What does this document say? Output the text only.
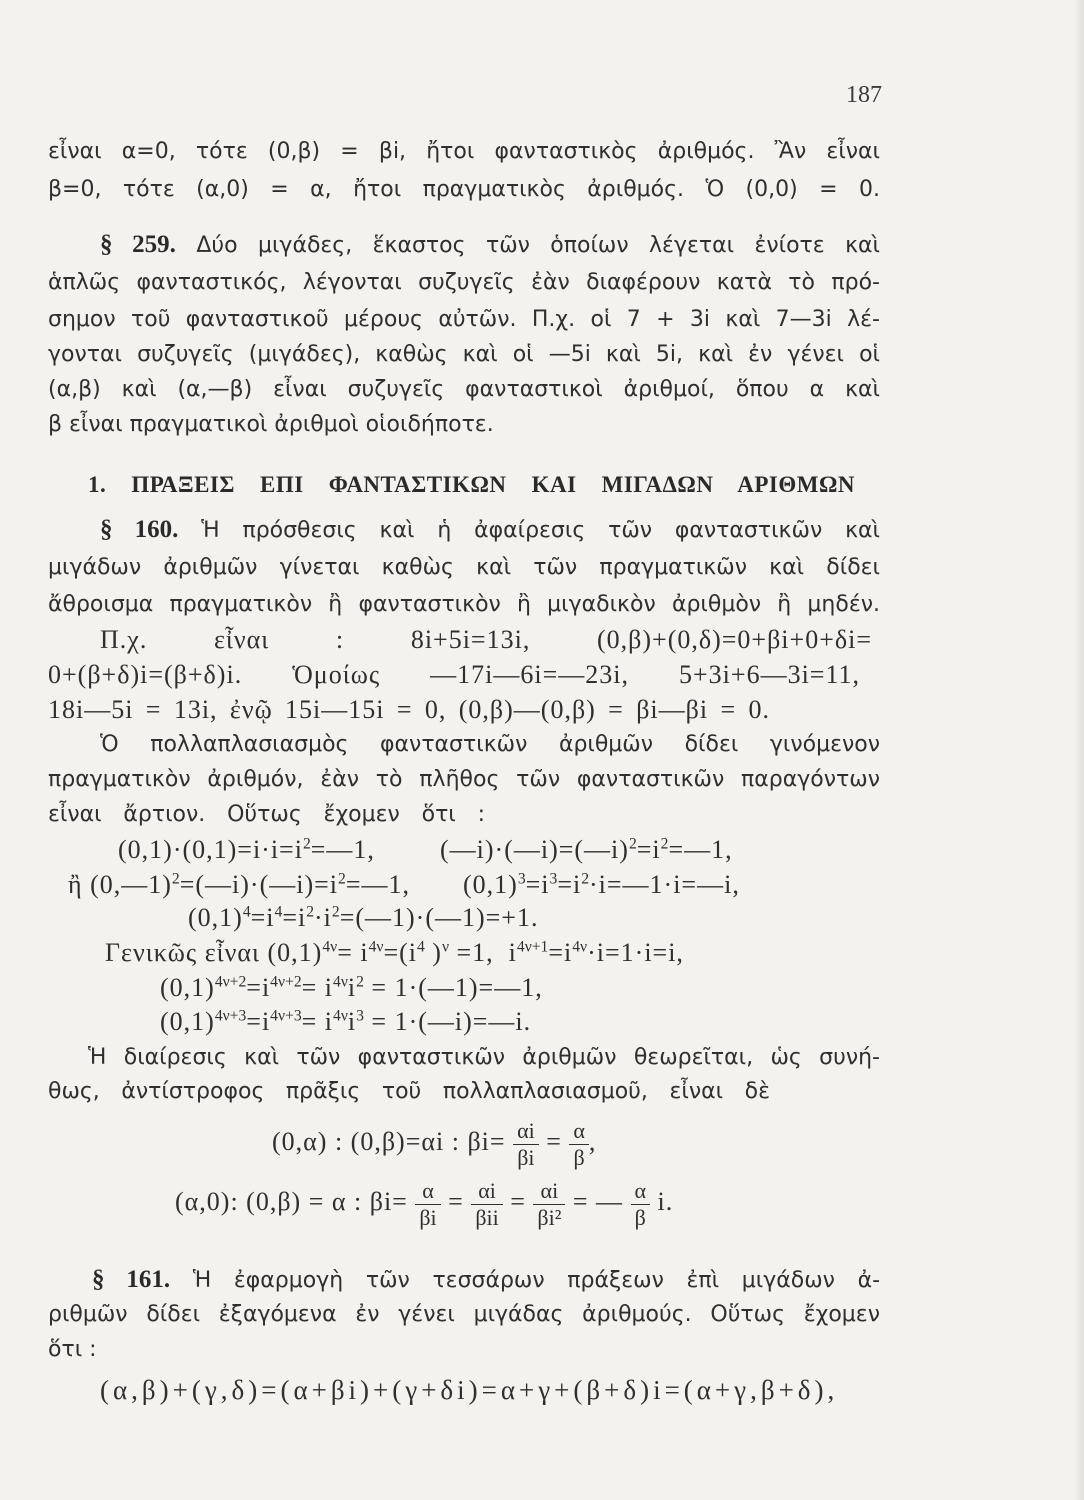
187
εἶναι α=0, τότε (0,β) = βi, ἤτοι φανταστικὸς ἀριθμός. Ἂν εἶναι
β=0, τότε (α,0) = α, ἤτοι πραγματικὸς ἀριθμός. Ὁ (0,0) = 0.
§ 259. Δύο μιγάδες, ἕκαστος τῶν ὁποίων λέγεται ἐνίοτε καὶ
ἁπλῶς φανταστικός, λέγονται συζυγεῖς ἐὰν διαφέρουν κατὰ τὸ πρό-
σημον τοῦ φανταστικοῦ μέρους αὐτῶν. Π.χ. οἱ 7 + 3i καὶ 7—3i λέ-
γονται συζυγεῖς (μιγάδες), καθὼς καὶ οἱ —5i καὶ 5i, καὶ ἐν γένει οἱ
(α,β) καὶ (α,—β) εἶναι συζυγεῖς φανταστικοὶ ἀριθμοί, ὅπου α καὶ
β εἶναι πραγματικοὶ ἀριθμοὶ οἱοιδήποτε.
1. ΠΡΑΞΕΙΣ ΕΠΙ ΦΑΝΤΑΣΤΙΚΩΝ ΚΑΙ ΜΙΓΑΔΩΝ ΑΡΙΘΜΩΝ
§ 160. Ἡ πρόσθεσις καὶ ἡ ἀφαίρεσις τῶν φανταστικῶν καὶ
μιγάδων ἀριθμῶν γίνεται καθὼς καὶ τῶν πραγματικῶν καὶ δίδει
ἄθροισμα πραγματικὸν ἢ φανταστικὸν ἢ μιγαδικὸν ἀριθμὸν ἢ μηδέν.
Π.χ. εἶναι : 8i+5i=13i, (0,β)+(0,δ)=0+βi+0+δi=
0+(β+δ)i=(β+δ)i. Ὁμοίως —17i—6i=—23i, 5+3i+6—3i=11,
18i—5i = 13i, ἐνῷ 15i—15i = 0, (0,β)—(0,β) = βi—βi = 0.
Ὁ πολλαπλασιασμὸς φανταστικῶν ἀριθμῶν δίδει γινόμενον
πραγματικὸν ἀριθμόν, ἐὰν τὸ πλῆθος τῶν φανταστικῶν παραγόντων
εἶναι ἄρτιον. Οὕτως ἔχομεν ὅτι :
$(0,1)\cdot(0,1)=i\cdot i=i^2=—1$,	$(—i)\cdot(—i)=(—i)^2=i^2=—1$,
ἢ $(0,—1)^2=(—i)\cdot(—i)=i^2=—1$, $(0,1)^3=i^3=i^2\cdot i=—1\cdot i=—i$,
$(0,1)^4=i^4=i^2\cdot i^2=(—1)\cdot(—1)=+1$.
Γενικῶς εἶναι $(0,1)^{4\nu}= i^{4\nu}=(i^4$ )$^\nu$ =1,  $i^{4\nu+1}=i^{4\nu}\cdot i=1\cdot i=i$,
$(0,1)^{4\nu+2}=i^{4\nu+2}= i^{4\nu}i^2$ = 1·(—1)=—1,
$(0,1)^{4\nu+3}=i^{4\nu+3}= i^{4\nu}i^3$ = 1·(—i)=—i.
Ἡ διαίρεσις καὶ τῶν φανταστικῶν ἀριθμῶν θεωρεῖται, ὡς συνή-
θως, ἀντίστροφος πρᾶξις τοῦ πολλαπλασιασμοῦ, εἶναι δὲ
(0,α) : (0,β)=αi : $\beta i= \frac{\alpha i}{\beta i} = \frac{\alpha}{\beta}$ ,
(α,0): (0,β) = α : $\beta i= \frac{\alpha}{\beta i} = \frac{\alpha i}{\text{βii}} = \frac{\alpha i}{\text{βi²}}$ = — $\frac{\alpha}{\beta} i$.
§ 161. Ἡ ἐφαρμογὴ τῶν τεσσάρων πράξεων ἐπὶ μιγάδων ἀ-
ριθμῶν δίδει ἐξαγόμενα ἐν γένει μιγάδας ἀριθμούς. Οὕτως ἔχομεν
ὅτι :
(α,β)+(γ,δ)=(α+βi)+(γ+δi)=α+γ+(β+δ)i=(α+γ,β+δ),
